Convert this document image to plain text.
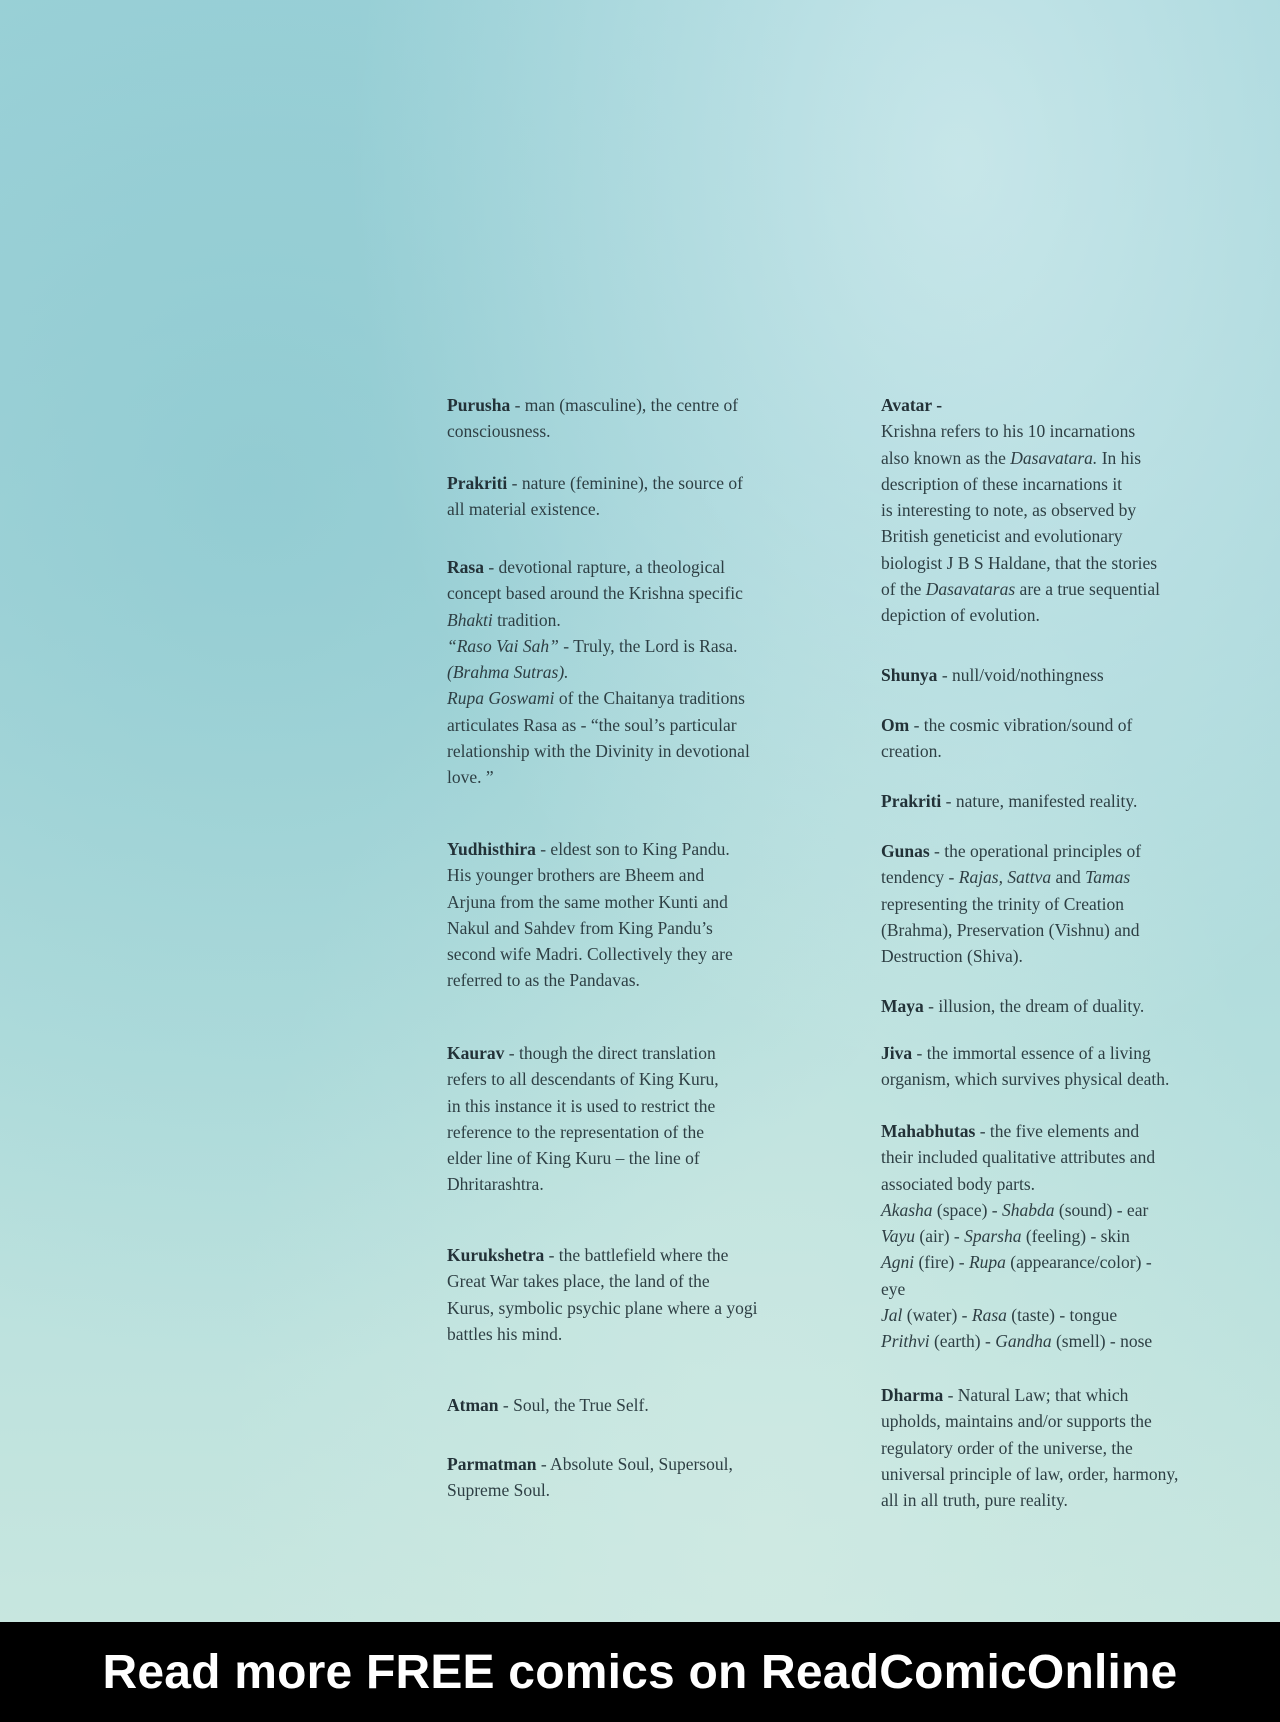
Purusha - man (masculine), the centre of

consciousness.

Prakriti - nature (feminine), the source of

all material existence.

Rasa - devotional rapture, a theological

concept based around the Krishna specific

Bhakti tradition.

“Raso Vai Sah” - Truly, the Lord is Rasa.

(Brahma Sutras).

Rupa Goswami of the Chaitanya traditions

articulates Rasa as - “the soul’s particular

relationship with the Divinity in devotional

love. ”

Yudhisthira - eldest son to King Pandu.

His younger brothers are Bheem and

Arjuna from the same mother Kunti and

Nakul and Sahdev from King Pandu’s

second wife Madri. Collectively they are

referred to as the Pandavas.

Kaurav - though the direct translation

refers to all descendants of King Kuru,

in this instance it is used to restrict the

reference to the representation of the

elder line of King Kuru – the line of

Dhritarashtra.

Kurukshetra - the battlefield where the

Great War takes place, the land of the

Kurus, symbolic psychic plane where a yogi

battles his mind.

Atman - Soul, the True Self.

Parmatman - Absolute Soul, Supersoul,

Supreme Soul.

Avatar -

Krishna refers to his 10 incarnations

also known as the Dasavatara. In his

description of these incarnations it

is interesting to note, as observed by

British geneticist and evolutionary

biologist J B S Haldane, that the stories

of the Dasavataras are a true sequential

depiction of evolution.

Shunya - null/void/nothingness

Om - the cosmic vibration/sound of

creation.

Prakriti - nature, manifested reality.

Gunas - the operational principles of

tendency - Rajas, Sattva and Tamas

representing the trinity of Creation

(Brahma), Preservation (Vishnu) and

Destruction (Shiva).

Maya - illusion, the dream of duality.

Jiva - the immortal essence of a living

organism, which survives physical death.

Mahabhutas - the five elements and

their included qualitative attributes and

associated body parts.

Akasha (space) - Shabda (sound) - ear

Vayu (air) - Sparsha (feeling) - skin

Agni (fire) - Rupa (appearance/color) -

eye

Jal (water) - Rasa (taste) - tongue

Prithvi (earth) - Gandha (smell) - nose

Dharma - Natural Law; that which

upholds, maintains and/or supports the

regulatory order of the universe, the

universal principle of law, order, harmony,

all in all truth, pure reality.

Read more FREE comics on ReadComicOnline
